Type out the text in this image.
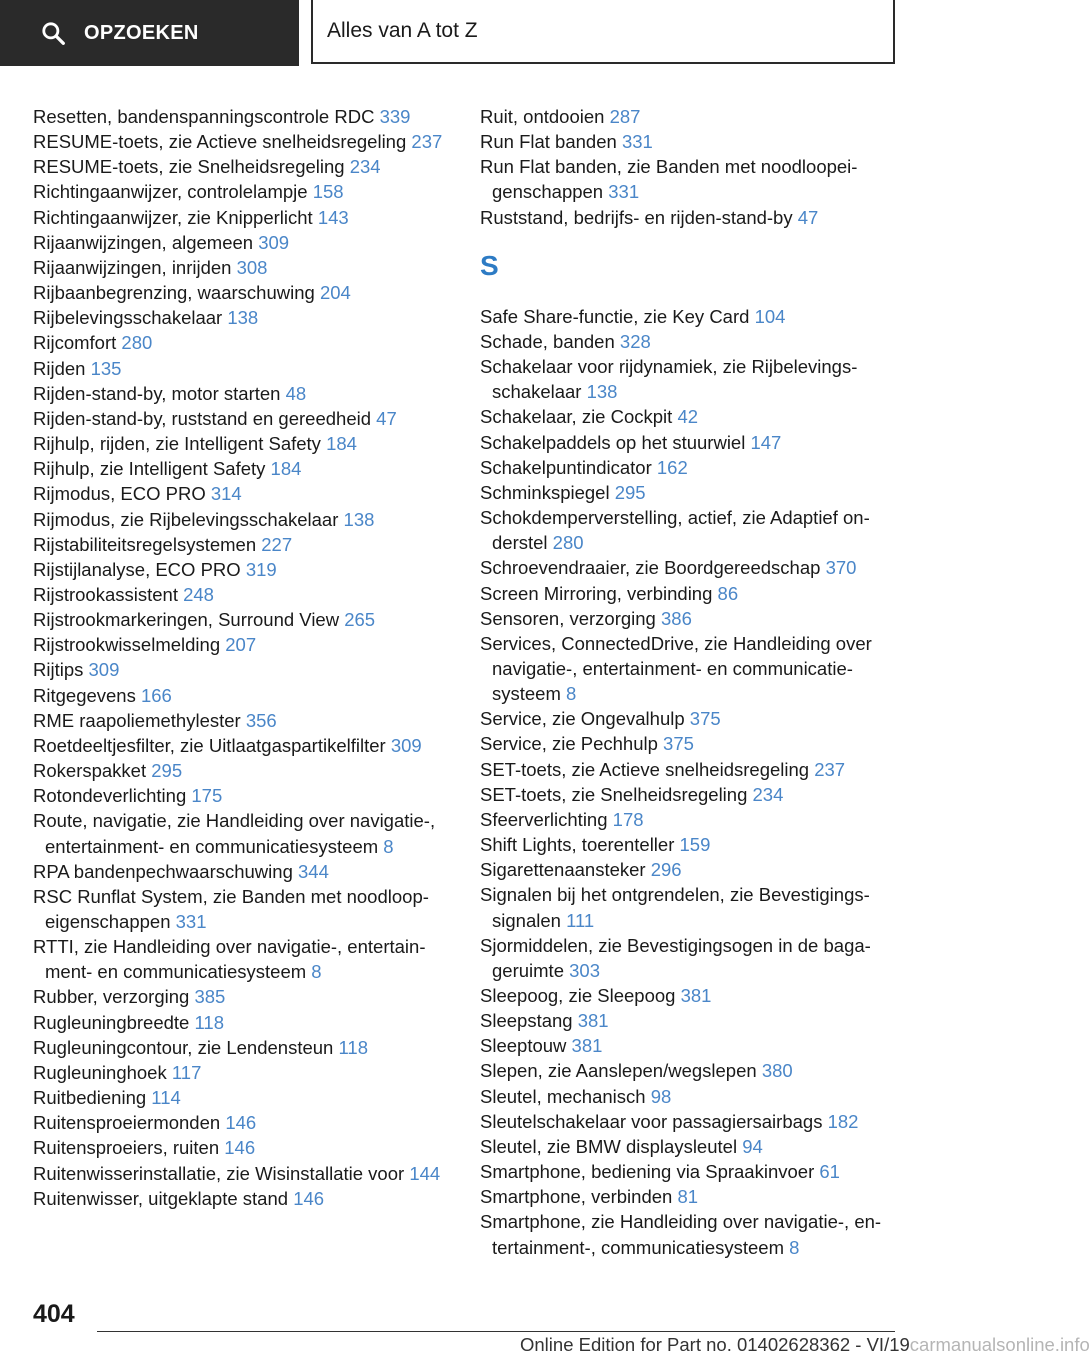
OPZOEKEN	Alles van A tot Z
Resetten, bandenspanningscontrole RDC 339
RESUME-toets, zie Actieve snelheidsregeling 237
RESUME-toets, zie Snelheidsregeling 234
Richtingaanwijzer, controlelampje 158
Richtingaanwijzer, zie Knipperlicht 143
Rijaanwijzingen, algemeen 309
Rijaanwijzingen, inrijden 308
Rijbaanbegrenzing, waarschuwing 204
Rijbelevingsschakelaar 138
Rijcomfort 280
Rijden 135
Rijden-stand-by, motor starten 48
Rijden-stand-by, ruststand en gereedheid 47
Rijhulp, rijden, zie Intelligent Safety 184
Rijhulp, zie Intelligent Safety 184
Rijmodus, ECO PRO 314
Rijmodus, zie Rijbelevingsschakelaar 138
Rijstabiliteitsregelsystemen 227
Rijstijlanalyse, ECO PRO 319
Rijstrookassistent 248
Rijstrookmarkeringen, Surround View 265
Rijstrookwisselmelding 207
Rijtips 309
Ritgegevens 166
RME raapoliemethylester 356
Roetdeeltjesfilter, zie Uitlaatgaspartikelfilter 309
Rokerspakket 295
Rotondeverlichting 175
Route, navigatie, zie Handleiding over navigatie-, entertainment- en communicatiesysteem 8
RPA bandenpechwaarschuwing 344
RSC Runflat System, zie Banden met noodloopeigenschappen 331
RTTI, zie Handleiding over navigatie-, entertainment- en communicatiesysteem 8
Rubber, verzorging 385
Rugleuningbreedte 118
Rugleuningcontour, zie Lendensteun 118
Rugleuninghoek 117
Ruitbediening 114
Ruitensproeiermonden 146
Ruitensproeiers, ruiten 146
Ruitenwisserinstallatie, zie Wisinstallatie voor 144
Ruitenwisser, uitgeklapte stand 146
Ruit, ontdooien 287
Run Flat banden 331
Run Flat banden, zie Banden met noodloopeigenschappen 331
Ruststand, bedrijfs- en rijden-stand-by 47
S
Safe Share-functie, zie Key Card 104
Schade, banden 328
Schakelaar voor rijdynamiek, zie Rijbelevingsschakelaar 138
Schakelaar, zie Cockpit 42
Schakelpaddels op het stuurwiel 147
Schakelpuntindicator 162
Schminkspiegel 295
Schokdemperverstelling, actief, zie Adaptief onderstel 280
Schroevendraaier, zie Boordgereedschap 370
Screen Mirroring, verbinding 86
Sensoren, verzorging 386
Services, ConnectedDrive, zie Handleiding over navigatie-, entertainment- en communicatiesysteem 8
Service, zie Ongevalhulp 375
Service, zie Pechhulp 375
SET-toets, zie Actieve snelheidsregeling 237
SET-toets, zie Snelheidsregeling 234
Sfeerverlichting 178
Shift Lights, toerenteller 159
Sigarettenaansteker 296
Signalen bij het ontgrendelen, zie Bevestigingssignalen 111
Sjormiddelen, zie Bevestigingsogen in de bagageruimte 303
Sleepoog, zie Sleepoog 381
Sleepstang 381
Sleeptouw 381
Slepen, zie Aanslepen/wegslepen 380
Sleutel, mechanisch 98
Sleutelschakelaar voor passagiersairbags 182
Sleutel, zie BMW displaysleutel 94
Smartphone, bediening via Spraakinvoer 61
Smartphone, verbinden 81
Smartphone, zie Handleiding over navigatie-, entertainment-, communicatiesysteem 8
404
Online Edition for Part no. 01402628362 - VI/19carmanualsonline.info
